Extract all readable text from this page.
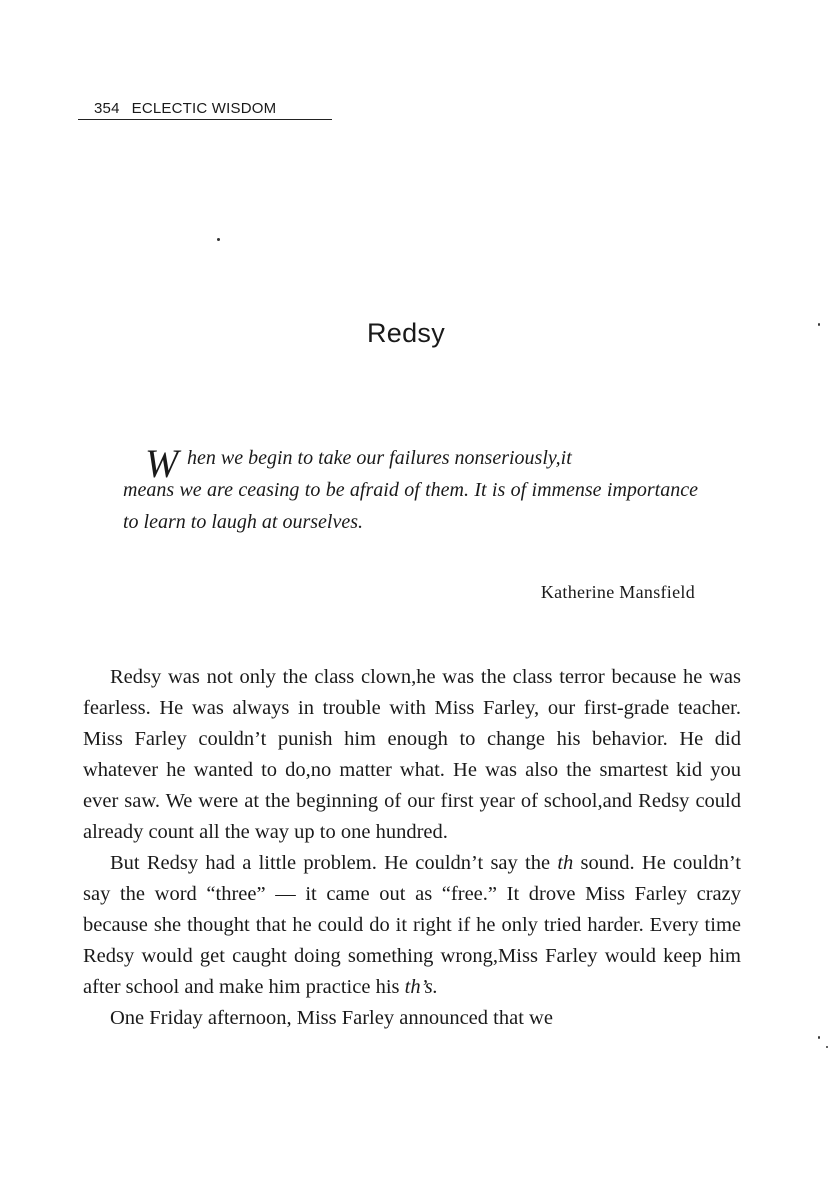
354 ECLECTIC WISDOM
Redsy
W hen we begin to take our failures nonseriously,it
means we are ceasing to be afraid of them. It is of immense importance to learn to laugh at ourselves.
Katherine Mansfield

Redsy was not only the class clown,he was the class terror because he was fearless. He was always in trouble with Miss Farley, our first-grade teacher. Miss Farley couldn’t punish him enough to change his behavior. He did whatever he wanted to do,no matter what. He was also the smartest kid you ever saw. We were at the beginning of our first year of school,and Redsy could already count all the way up to one hundred.

But Redsy had a little problem. He couldn’t say the th sound. He couldn’t say the word “three” — it came out as “free.” It drove Miss Farley crazy because she thought that he could do it right if he only tried harder. Every time Redsy would get caught doing something wrong,Miss Farley would keep him after school and make him practice his th’s.

One Friday afternoon, Miss Farley announced that we
